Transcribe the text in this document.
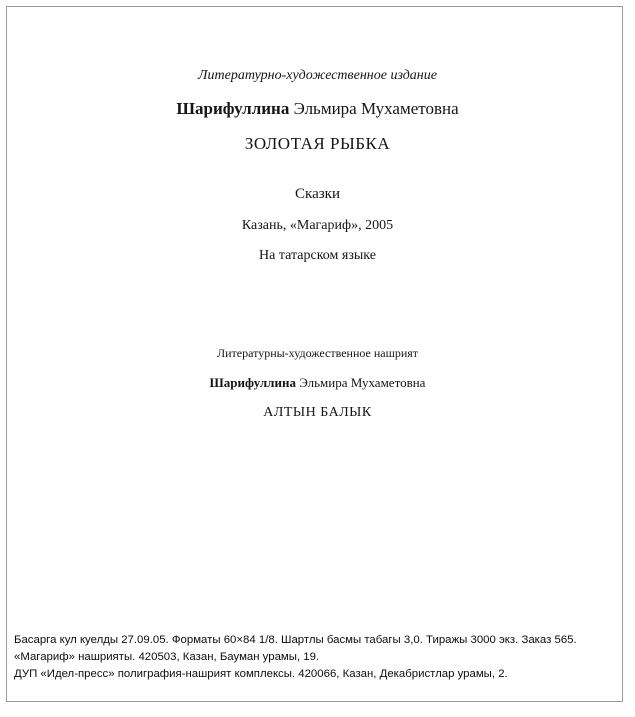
Литературно-художественное издание
Шарифуллина Эльмира Мухаметовна
ЗОЛОТАЯ РЫБКА
Сказки
Казань, «Магариф», 2005
На татарском языке
Литературны-художественное нашрият
Шарифуллина Эльмира Мухаметовна
АЛТЫН БАЛЫК
Басарга кул куелды 27.09.05. Форматы 60×84 1/8. Шартлы басмы табагы 3,0. Тиражы 3000 экз. Заказ 565.
«Магариф» нашрияты. 420503, Казан, Бауман урамы, 19.
ДУП «Идел-пресс» полиграфия-нашрият комплексы. 420066, Казан, Декабристлар урамы, 2.
